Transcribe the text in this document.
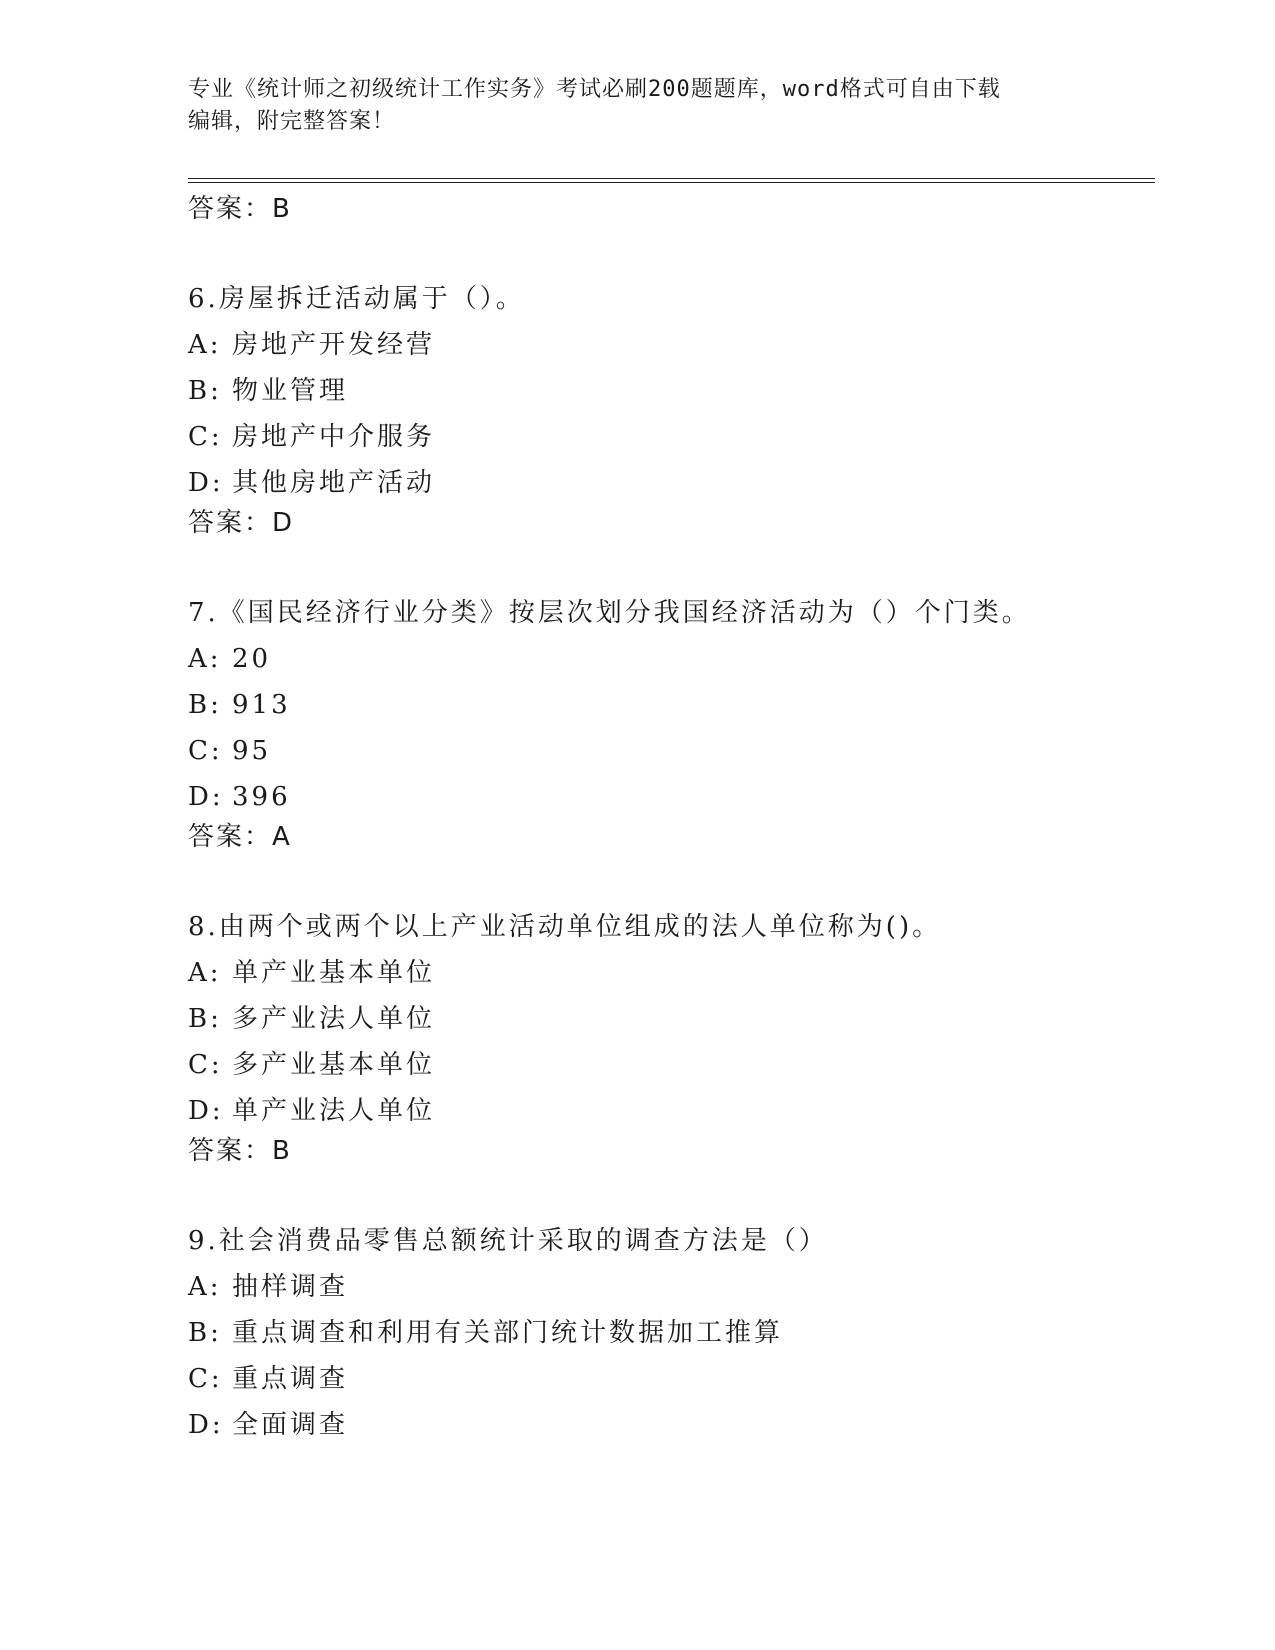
专业《统计师之初级统计工作实务》考试必刷200题题库，word格式可自由下载
编辑，附完整答案！
答案：B
6.房屋拆迁活动属于（）。
A: 房地产开发经营
B: 物业管理
C: 房地产中介服务
D: 其他房地产活动
答案：D
7.《国民经济行业分类》按层次划分我国经济活动为（）个门类。
A: 20
B: 913
C: 95
D: 396
答案：A
8.由两个或两个以上产业活动单位组成的法人单位称为()。
A: 单产业基本单位
B: 多产业法人单位
C: 多产业基本单位
D: 单产业法人单位
答案：B
9.社会消费品零售总额统计采取的调查方法是（）
A: 抽样调查
B: 重点调查和利用有关部门统计数据加工推算
C: 重点调查
D: 全面调查
